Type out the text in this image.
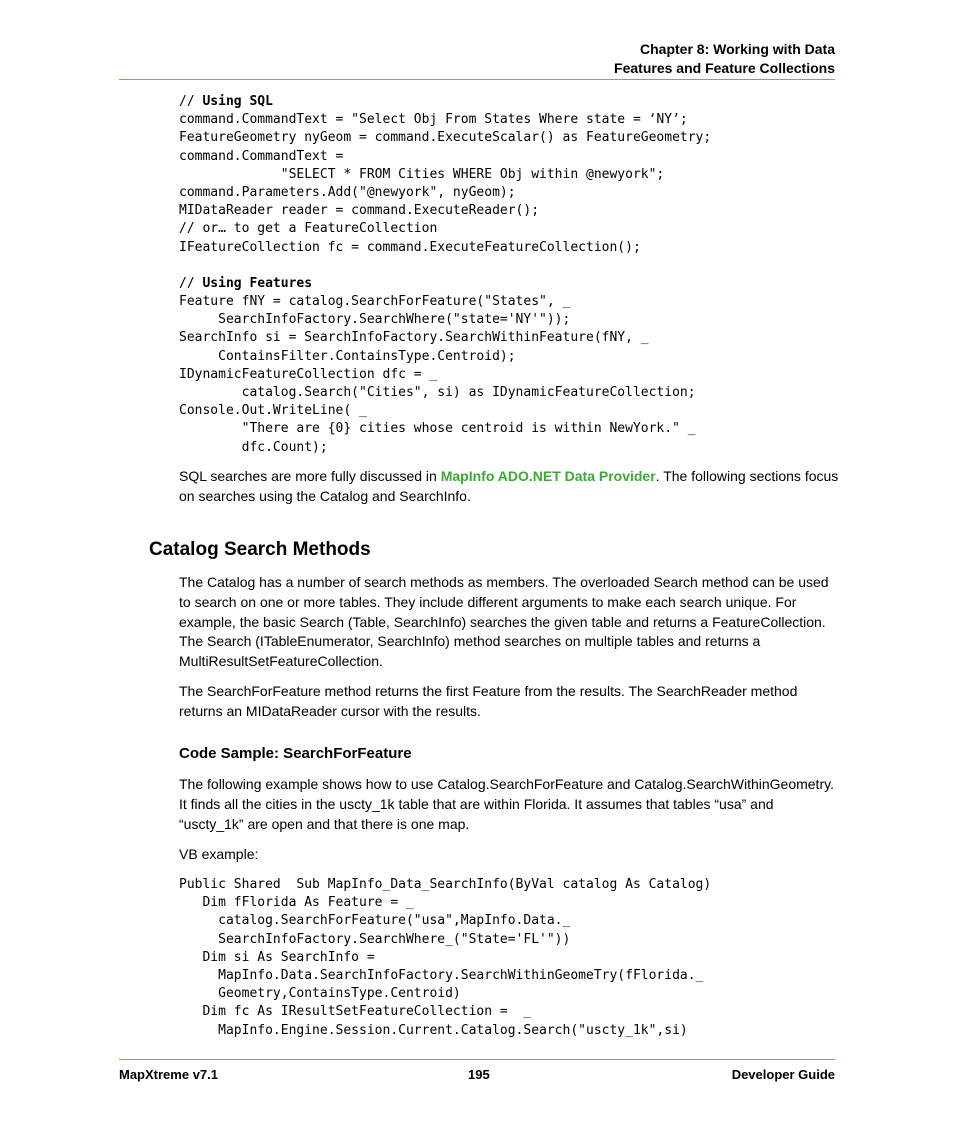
Chapter 8: Working with Data
Features and Feature Collections
// Using SQL
command.CommandText = "Select Obj From States Where state = ‘NY’;
FeatureGeometry nyGeom = command.ExecuteScalar() as FeatureGeometry;
command.CommandText =
"SELECT * FROM Cities WHERE Obj within @newyork";
command.Parameters.Add("@newyork", nyGeom);
MIDataReader reader = command.ExecuteReader();
// or… to get a FeatureCollection
IFeatureCollection fc = command.ExecuteFeatureCollection();
// Using Features
Feature fNY = catalog.SearchForFeature("States", _
SearchInfoFactory.SearchWhere("state='NY'"));
SearchInfo si = SearchInfoFactory.SearchWithinFeature(fNY, _
ContainsFilter.ContainsType.Centroid);
IDynamicFeatureCollection dfc = _
catalog.Search("Cities", si) as IDynamicFeatureCollection;
Console.Out.WriteLine( _
"There are {0} cities whose centroid is within NewYork." _
dfc.Count);

SQL searches are more fully discussed in MapInfo ADO.NET Data Provider. The following sections focus on searches using the Catalog and SearchInfo.

Catalog Search Methods

The Catalog has a number of search methods as members. The overloaded Search method can be used to search on one or more tables. They include different arguments to make each search unique. For example, the basic Search (Table, SearchInfo) searches the given table and returns a FeatureCollection. The Search (ITableEnumerator, SearchInfo) method searches on multiple tables and returns a MultiResultSetFeatureCollection.

The SearchForFeature method returns the first Feature from the results. The SearchReader method returns an MIDataReader cursor with the results.

Code Sample: SearchForFeature

The following example shows how to use Catalog.SearchForFeature and Catalog.SearchWithinGeometry. It finds all the cities in the uscty_1k table that are within Florida. It assumes that tables “usa” and “uscty_1k” are open and that there is one map.

VB example:

Public Shared  Sub MapInfo_Data_SearchInfo(ByVal catalog As Catalog)
Dim fFlorida As Feature = _
catalog.SearchForFeature("usa",MapInfo.Data._
SearchInfoFactory.SearchWhere_("State='FL'"))
Dim si As SearchInfo =
MapInfo.Data.SearchInfoFactory.SearchWithinGeomeTry(fFlorida._
Geometry,ContainsType.Centroid)
Dim fc As IResultSetFeatureCollection =  _
MapInfo.Engine.Session.Current.Catalog.Search("uscty_1k",si)
MapXtreme v7.1	195	Developer Guide
